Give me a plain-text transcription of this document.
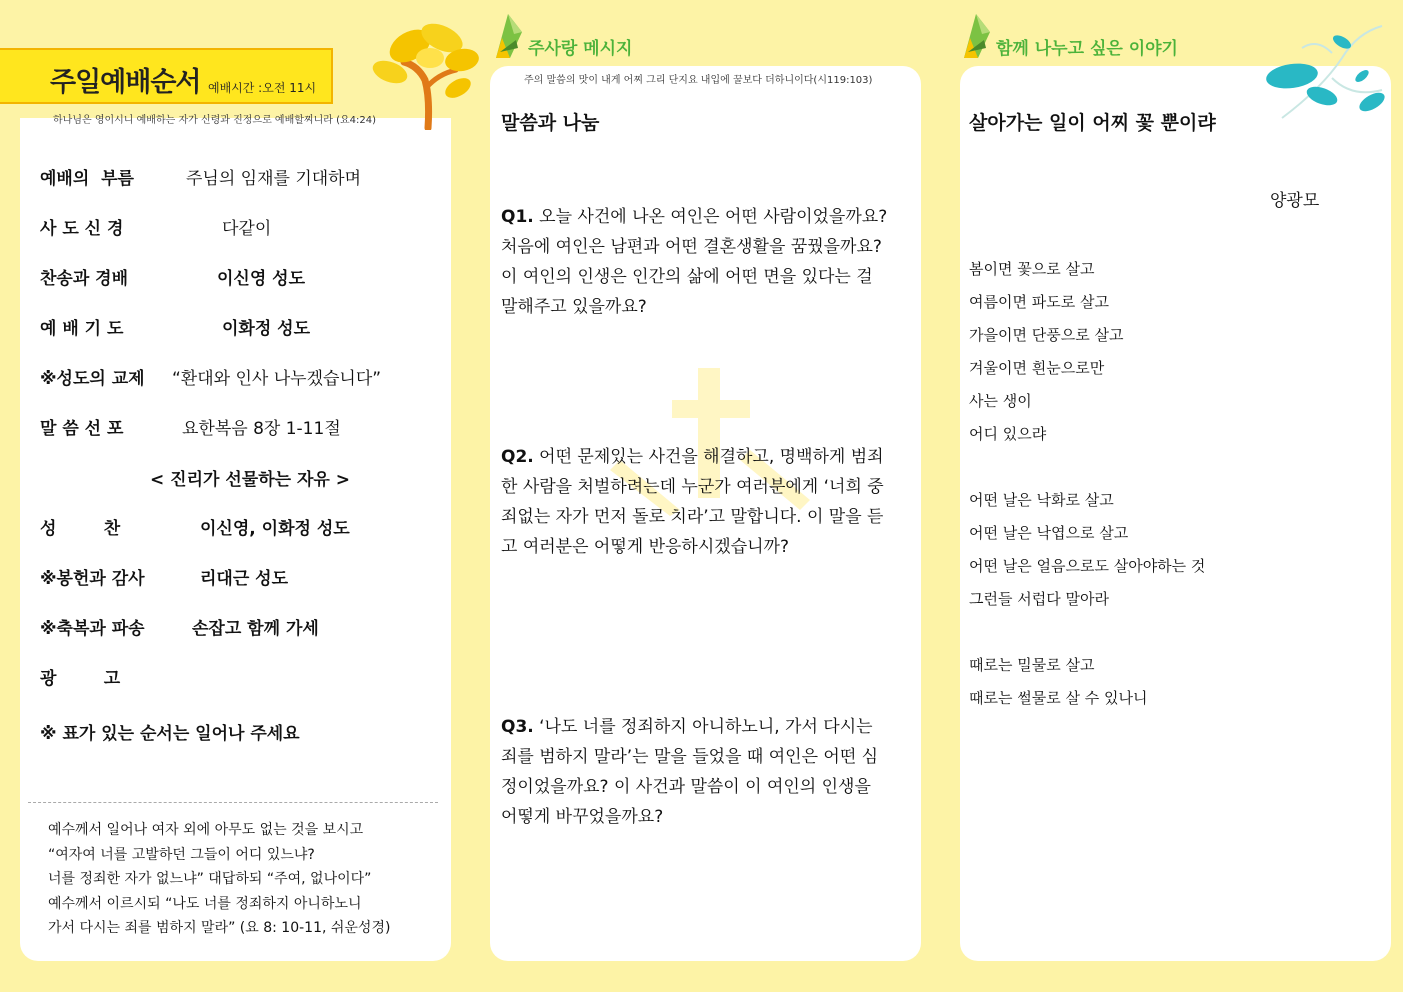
주일예배순서 예배시간 :오전 11시
하나님은 영이시니 예배하는 자가 신령과 진정으로 예배할찌니라 (요4:24)
예배의  부름	주님의 임재를 기대하며
사 도 신 경	다같이
찬송과 경배	이신영 성도
예 배 기 도	이화정 성도
※성도의 교제 “환대와 인사 나누겠습니다”
말 씀 선 포	요한복음 8장 1-11절
< 진리가 선물하는 자유 >
성        찬	이신영, 이화정 성도
※봉헌과 감사	리대근 성도
※축복과 파송	손잡고 함께 가세
광        고
※ 표가 있는 순서는 일어나 주세요
예수께서 일어나 여자 외에 아무도 없는 것을 보시고
“여자여 너를 고발하던 그들이 어디 있느냐?
너를 정죄한 자가 없느냐” 대답하되 “주여, 없나이다”
예수께서 이르시되 “나도 너를 정죄하지 아니하노니
가서 다시는 죄를 범하지 말라” (요 8: 10-11, 쉬운성경)
주사랑 메시지
주의 말씀의 맛이 내게 어찌 그리 단지요 내입에 꿀보다 더하니이다(시119:103)
말씀과 나눔
Q1. 오늘 사건에 나온 여인은 어떤 사람이었을까요? 처음에 여인은 남편과 어떤 결혼생활을 꿈꿨을까요? 이 여인의 인생은 인간의 삶에 어떤 면을 있다는 걸 말해주고 있을까요?
Q2. 어떤 문제있는 사건을 해결하고, 명백하게 범죄한 사람을 처벌하려는데 누군가 여러분에게 ‘너희 중 죄없는 자가 먼저 돌로 치라’고 말합니다. 이 말을 듣고 여러분은 어떻게 반응하시겠습니까?
Q3. ‘나도 너를 정죄하지 아니하노니, 가서 다시는 죄를 범하지 말라’는 말을 들었을 때 여인은 어떤 심정이었을까요? 이 사건과 말씀이 이 여인의 인생을 어떻게 바꾸었을까요?
함께 나누고 싶은 이야기
살아가는 일이 어찌 꽃 뿐이랴
양광모
봄이면 꽃으로 살고
여름이면 파도로 살고
가을이면 단풍으로 살고
겨울이면 흰눈으로만
사는 생이
어디 있으랴
어떤 날은 낙화로 살고
어떤 날은 낙엽으로 살고
어떤 날은 얼음으로도 살아야하는 것
그런들 서럽다 말아라
때로는 밀물로 살고
때로는 썰물로 살 수 있나니
